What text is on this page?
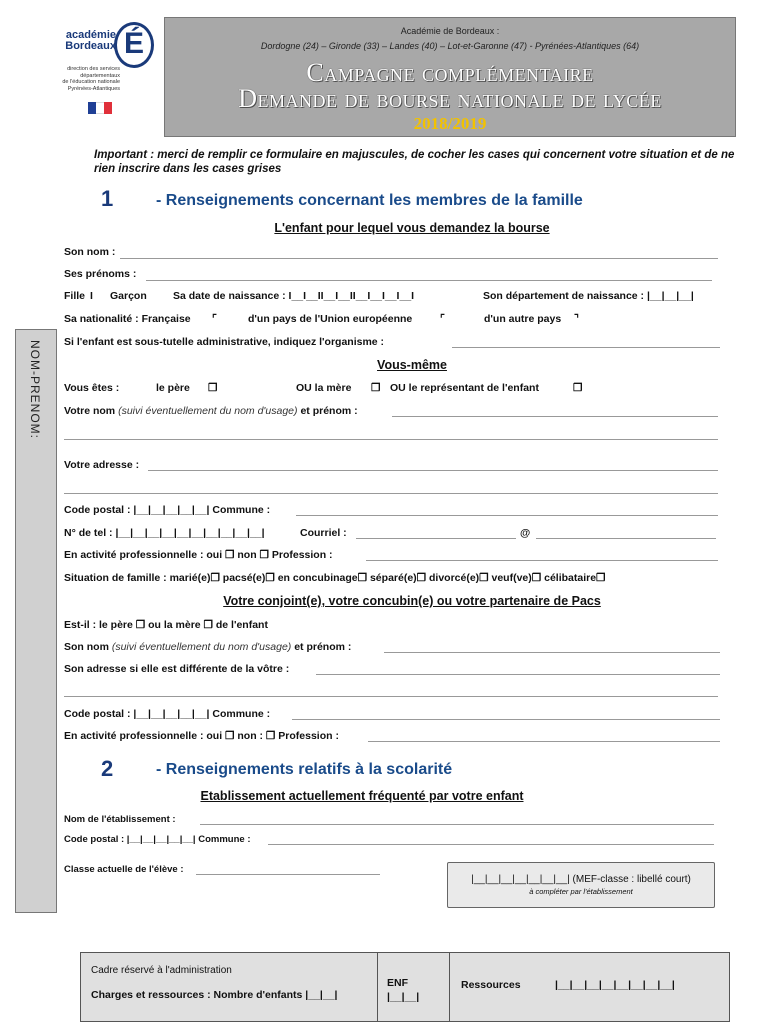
académie
Bordeaux É
direction des services
départementaux
de l'éducation nationale
Pyrénées-Atlantiques
Académie de Bordeaux :
Dordogne (24) – Gironde (33) – Landes (40) – Lot-et-Garonne (47) - Pyrénées-Atlantiques (64)
Campagne complémentaire
Demande de bourse nationale de lycée
2018/2019
Important : merci de remplir ce formulaire en majuscules, de cocher les cases qui concernent votre situation et de ne rien inscrire dans les cases grises
NOM-PRENOM:
1	- Renseignements concernant les membres de la famille
L'enfant pour lequel vous demandez la bourse
Son nom :
Ses prénoms :
Fille I Garçon Sa date de naissance : I__I__II__I__II__I__I__I__I	Son département de naissance : |__|__|__|
Sa nationalité : Française ⌜	d'un pays de l'Union européenne	⌜	d'un autre pays ⌝
Si l'enfant est sous-tutelle administrative, indiquez l'organisme :
Vous-même
Vous êtes :	le père ❒	OU la mère ❒ OU le représentant de l'enfant	❒
Votre nom (suivi éventuellement du nom d'usage) et prénom :
Votre adresse :
Code postal : |__|__|__|__|__| Commune :
N° de tel : |__|__|__|__|__|__|__|__|__|__|	Courriel :	@
En activité professionnelle : oui ❒ non ❒ Profession :
Situation de famille : marié(e)❒ pacsé(e)❒ en concubinage❒ séparé(e)❒ divorcé(e)❒ veuf(ve)❒ célibataire❒
Votre conjoint(e), votre concubin(e) ou votre partenaire de Pacs
Est-il : le père ❒ ou la mère ❒ de l'enfant
Son nom (suivi éventuellement du nom d'usage) et prénom :
Son adresse si elle est différente de la vôtre :
Code postal : |__|__|__|__|__| Commune :
En activité professionnelle : oui ❒ non : ❒ Profession :
2	- Renseignements relatifs à la scolarité
Etablissement actuellement fréquenté par votre enfant
Nom de l'établissement :
Code postal : |__|__|__|__|__| Commune :
Classe actuelle de l'élève :
|__|__|__|__|__|__|__| (MEF-classe : libellé court)
à compléter par l'établissement
Cadre réservé à l'administration
Charges et ressources : Nombre d'enfants |__|__|
ENF
|__|__|
Ressources	|__|__|__|__|__|__|__|__|
